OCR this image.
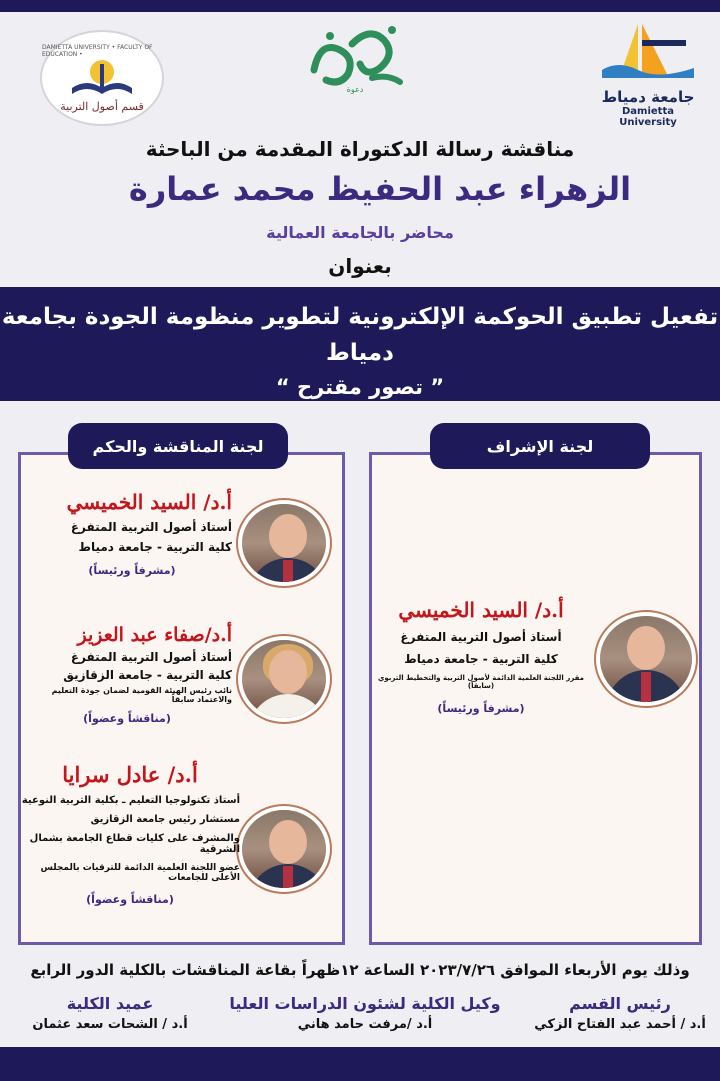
DAMIETTA UNIVERSITY • FACULTY OF EDUCATION •
قسم أصول التربية
دعوة	جامعة دمياط
Damietta University
مناقشة رسالة الدكتوراة المقدمة من الباحثة
الزهراء عبد الحفيظ محمد عمارة
محاضر بالجامعة العمالية
بعنوان
تفعيل تطبيق الحوكمة الإلكترونية لتطوير منظومة الجودة بجامعة دمياط
” تصور مقترح “
لجنة المناقشة والحكم	لجنة الإشراف
أ.د/ السيد الخميسي
أستاذ أصول التربية المتفرغ
كلية التربية - جامعة دمياط
(مشرفاً ورئيساً)
أ.د/صفاء عبد العزيز
أستاذ أصول التربية المتفرغ
كلية التربية - جامعة الزقازيق
نائب رئيس الهيئة القومية لضمان جودة التعليم والاعتماد سابقاً
(مناقشاً وعضواً)
أ.د/ عادل سرايا
أستاذ تكنولوجيا التعليم ـ بكلية التربية النوعية
مستشار رئيس جامعة الزقازيق
والمشرف على كليات قطاع الجامعة بشمال الشرقية
عضو اللجنة العلمية الدائمة للترقيات بالمجلس الأعلى للجامعات
(مناقشاً وعضواً)
أ.د/ السيد الخميسي
أستاذ أصول التربية المتفرغ
كلية التربية - جامعة دمياط
مقرر اللجنة العلمية الدائمة لأصول التربية والتخطيط التربوي (سابقاً)
(مشرفاً ورئيساً)
وذلك يوم الأربعاء الموافق ٢٠٢٣/٧/٢٦ الساعة ١٢ظهراً بقاعة المناقشات بالكلية الدور الرابع
رئيس القسم
أ.د / أحمد عبد الفتاح الزكي
وكيل الكلية لشئون الدراسات العليا
أ.د /مرفت حامد هاني
عميد الكلية
أ.د / الشحات سعد عثمان
